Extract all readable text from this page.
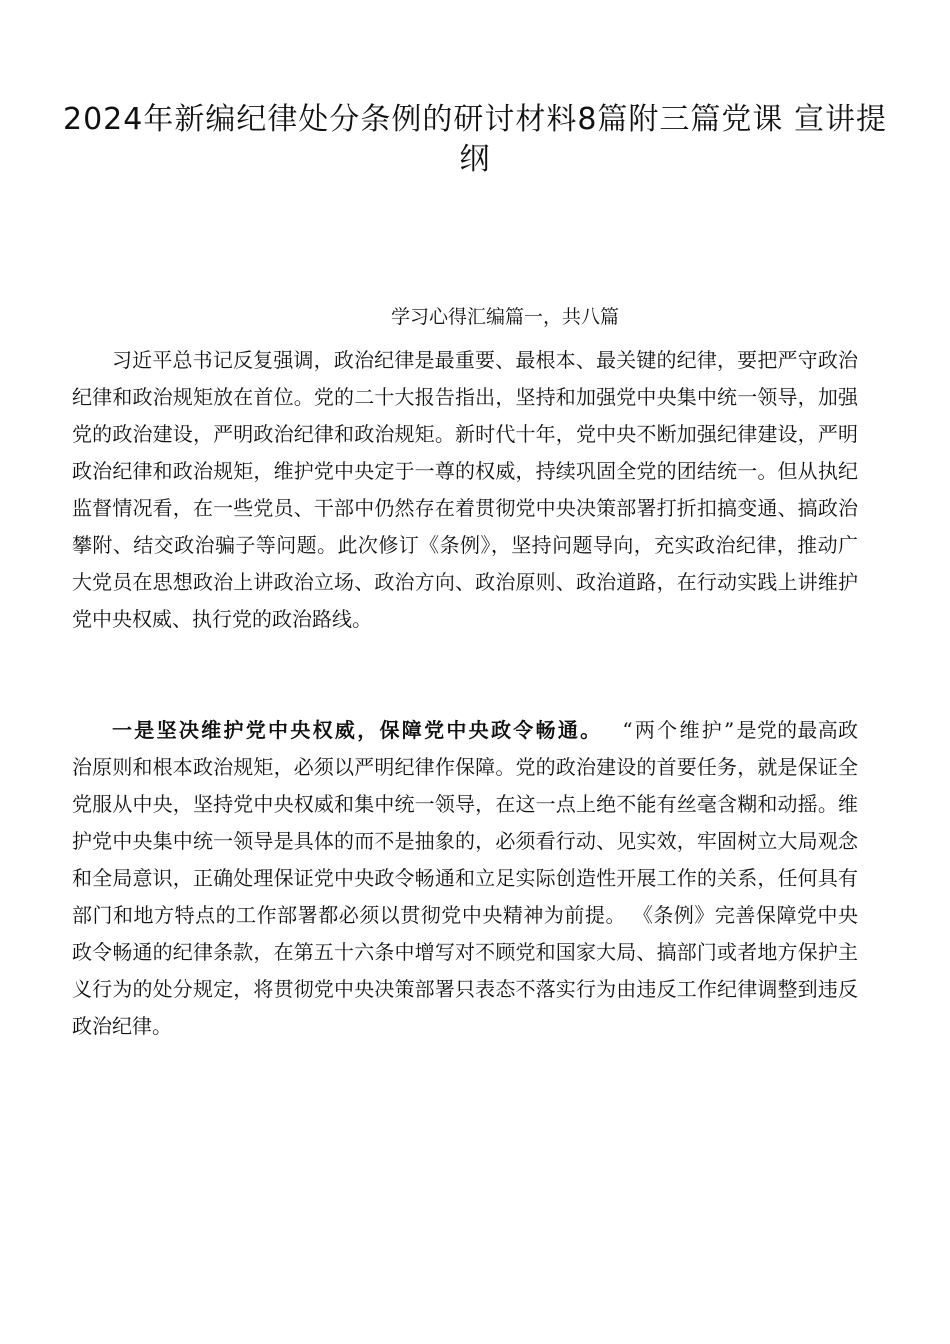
2024年新编纪律处分条例的研讨材料8篇附三篇党课 宣讲提纲

学习心得汇编篇一，共八篇

习近平总书记反复强调，政治纪律是最重要、最根本、最关键的纪律，要把严守政治纪律和政治规矩放在首位。党的二十大报告指出，坚持和加强党中央集中统一领导，加强党的政治建设，严明政治纪律和政治规矩。新时代十年，党中央不断加强纪律建设，严明政治纪律和政治规矩，维护党中央定于一尊的权威，持续巩固全党的团结统一。但从执纪监督情况看，在一些党员、干部中仍然存在着贯彻党中央决策部署打折扣搞变通、搞政治攀附、结交政治骗子等问题。此次修订《条例》，坚持问题导向，充实政治纪律，推动广大党员在思想政治上讲政治立场、政治方向、政治原则、政治道路，在行动实践上讲维护党中央权威、执行党的政治路线。

一是坚决维护党中央权威，保障党中央政令畅通。 “两个维护”是党的最高政治原则和根本政治规矩，必须以严明纪律作保障。党的政治建设的首要任务，就是保证全党服从中央，坚持党中央权威和集中统一领导，在这一点上绝不能有丝毫含糊和动摇。维护党中央集中统一领导是具体的而不是抽象的，必须看行动、见实效，牢固树立大局观念和全局意识，正确处理保证党中央政令畅通和立足实际创造性开展工作的关系，任何具有部门和地方特点的工作部署都必须以贯彻党中央精神为前提。 《条例》完善保障党中央政令畅通的纪律条款，在第五十六条中增写对不顾党和国家大局、搞部门或者地方保护主义行为的处分规定，将贯彻党中央决策部署只表态不落实行为由违反工作纪律调整到违反政治纪律。
